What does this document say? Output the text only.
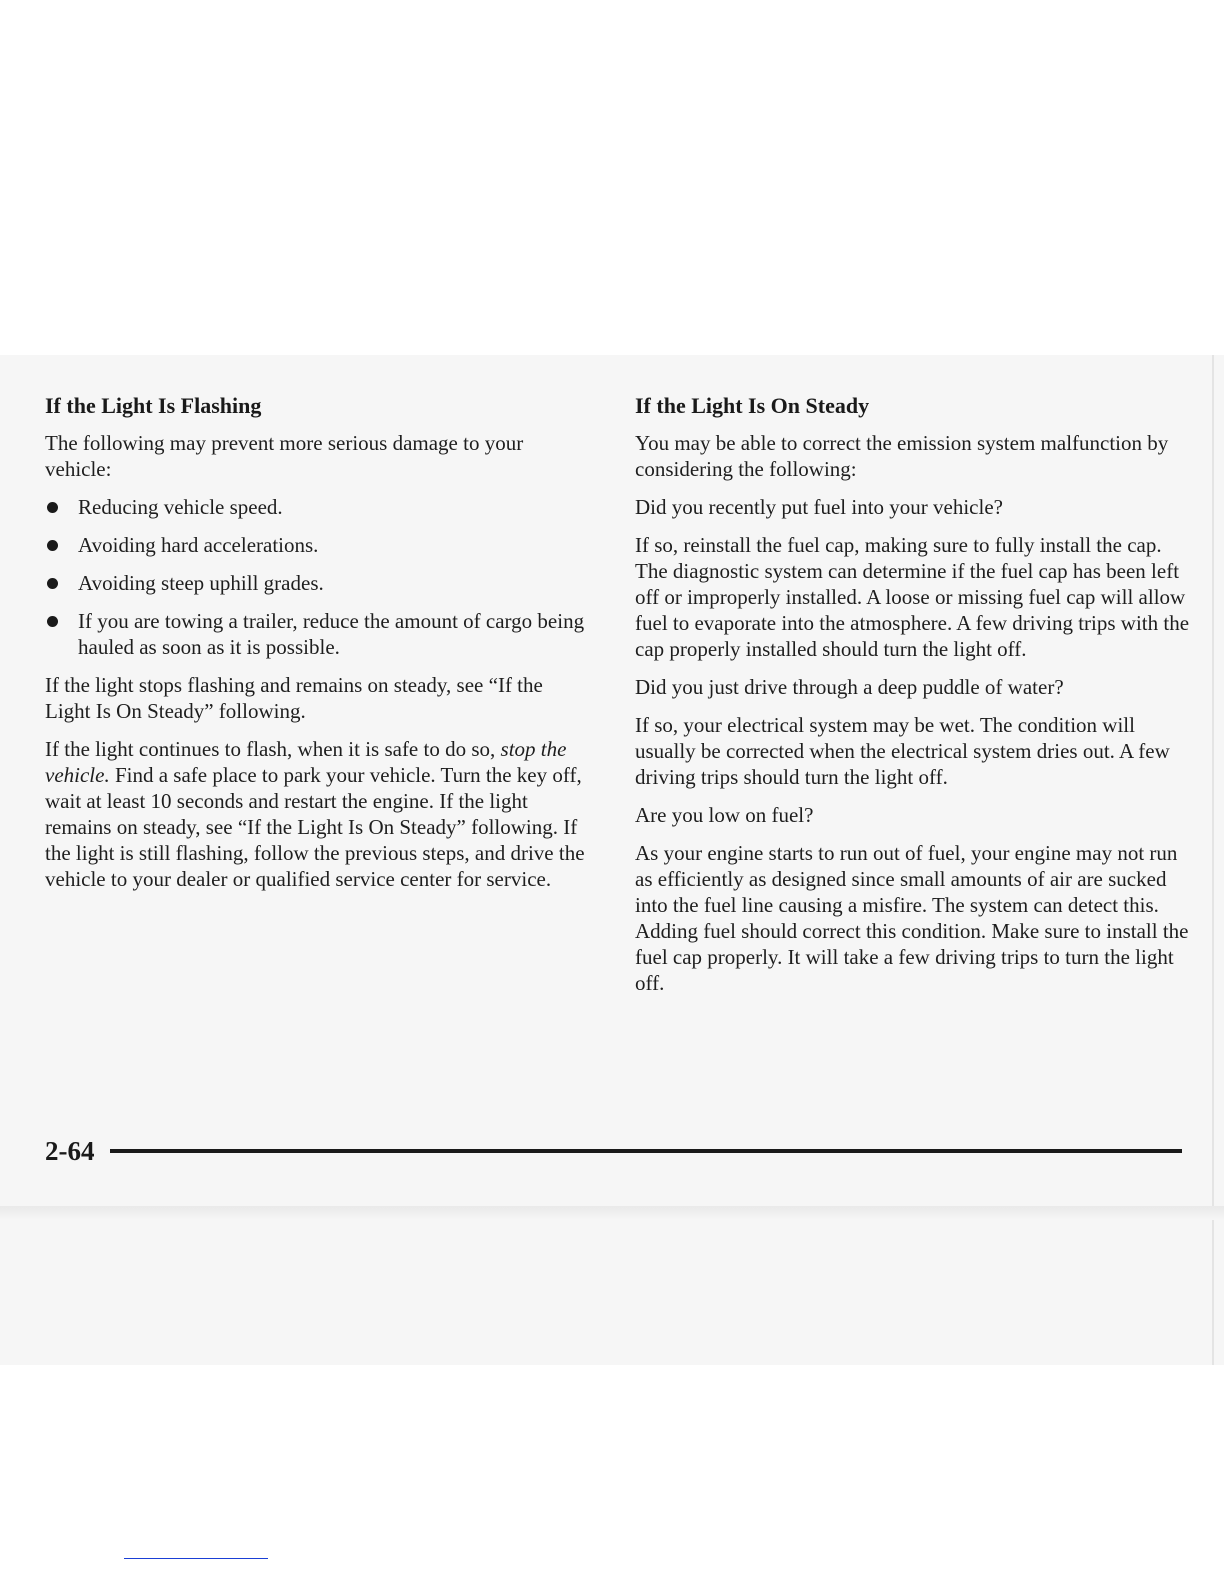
If the Light Is Flashing

The following may prevent more serious damage to your vehicle:

Reducing vehicle speed.
Avoiding hard accelerations.
Avoiding steep uphill grades.
If you are towing a trailer, reduce the amount of cargo being hauled as soon as it is possible.

If the light stops flashing and remains on steady, see “If the Light Is On Steady” following.

If the light continues to flash, when it is safe to do so, stop the vehicle. Find a safe place to park your vehicle. Turn the key off, wait at least 10 seconds and restart the engine. If the light remains on steady, see “If the Light Is On Steady” following. If the light is still flashing, follow the previous steps, and drive the vehicle to your dealer or qualified service center for service.

If the Light Is On Steady

You may be able to correct the emission system malfunction by considering the following:

Did you recently put fuel into your vehicle?

If so, reinstall the fuel cap, making sure to fully install the cap. The diagnostic system can determine if the fuel cap has been left off or improperly installed. A loose or missing fuel cap will allow fuel to evaporate into the atmosphere. A few driving trips with the cap properly installed should turn the light off.

Did you just drive through a deep puddle of water?

If so, your electrical system may be wet. The condition will usually be corrected when the electrical system dries out. A few driving trips should turn the light off.

Are you low on fuel?

As your engine starts to run out of fuel, your engine may not run as efficiently as designed since small amounts of air are sucked into the fuel line causing a misfire. The system can detect this. Adding fuel should correct this condition. Make sure to install the fuel cap properly. It will take a few driving trips to turn the light off.

2-64
